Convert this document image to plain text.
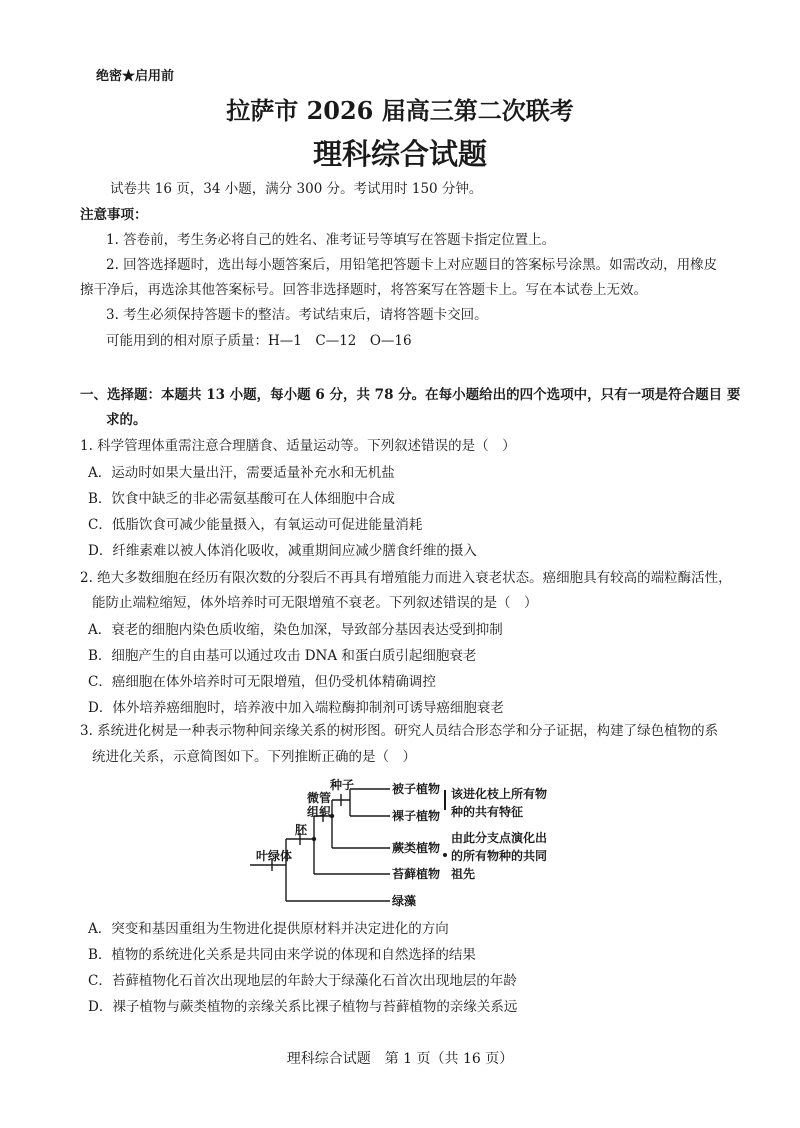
绝密★启用前
拉萨市 2026 届高三第二次联考
理科综合试题
试卷共 16 页，34 小题，满分 300 分。考试用时 150 分钟。
注意事项：
1. 答卷前，考生务必将自己的姓名、准考证号等填写在答题卡指定位置上。
2. 回答选择题时，选出每小题答案后，用铅笔把答题卡上对应题目的答案标号涂黑。如需改动，用橡皮
擦干净后，再选涂其他答案标号。回答非选择题时，将答案写在答题卡上。写在本试卷上无效。
3. 考生必须保持答题卡的整洁。考试结束后，请将答题卡交回。
可能用到的相对原子质量：H—1　C—12　O—16
一、选择题：本题共 13 小题，每小题 6 分，共 78 分。在每小题给出的四个选项中，只有一项是符合题目 要
求的。
1. 科学管理体重需注意合理膳食、适量运动等。下列叙述错误的是（　）
A．运动时如果大量出汗，需要适量补充水和无机盐
B．饮食中缺乏的非必需氨基酸可在人体细胞中合成
C．低脂饮食可减少能量摄入，有氧运动可促进能量消耗
D．纤维素难以被人体消化吸收，减重期间应减少膳食纤维的摄入
2. 绝大多数细胞在经历有限次数的分裂后不再具有增殖能力而进入衰老状态。癌细胞具有较高的端粒酶活性，
能防止端粒缩短，体外培养时可无限增殖不衰老。下列叙述错误的是（　）
A．衰老的细胞内染色质收缩，染色加深，导致部分基因表达受到抑制
B．细胞产生的自由基可以通过攻击 DNA 和蛋白质引起细胞衰老
C．癌细胞在体外培养时可无限增殖，但仍受机体精确调控
D．体外培养癌细胞时，培养液中加入端粒酶抑制剂可诱导癌细胞衰老
3. 系统进化树是一种表示物种间亲缘关系的树形图。研究人员结合形态学和分子证据，构建了绿色植物的系
统进化关系，示意简图如下。下列推断正确的是（　）
种子
微管
组织
胚
叶绿体
被子植物
裸子植物
蕨类植物
苔藓植物
绿藻
该进化枝上所有物
种的共有特征
由此分支点演化出
的所有物种的共同
祖先
A．突变和基因重组为生物进化提供原材料并决定进化的方向
B．植物的系统进化关系是共同由来学说的体现和自然选择的结果
C．苔藓植物化石首次出现地层的年龄大于绿藻化石首次出现地层的年龄
D．裸子植物与蕨类植物的亲缘关系比裸子植物与苔藓植物的亲缘关系远
理科综合试题　第 1 页（共 16 页）
